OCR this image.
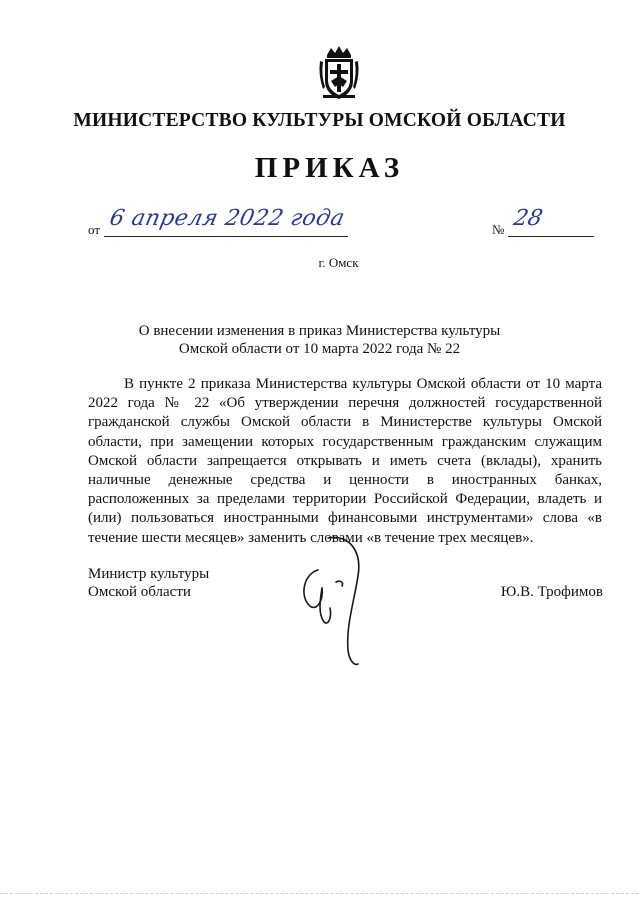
МИНИСТЕРСТВО КУЛЬТУРЫ ОМСКОЙ ОБЛАСТИ
ПРИКАЗ
от 6 апреля 2022 года	№ 28
г. Омск
О внесении изменения в приказ Министерства культуры
Омской области от 10 марта 2022 года № 22

В пункте 2 приказа Министерства культуры Омской области от 10 марта 2022 года № 22 «Об утверждении перечня должностей государственной гражданской службы Омской области в Министерстве культуры Омской области, при замещении которых государственным гражданским служащим Омской области запрещается открывать и иметь счета (вклады), хранить наличные денежные средства и ценности в иностранных банках, расположенных за пределами территории Российской Федерации, владеть и (или) пользоваться иностранными финансовыми инструментами» слова «в течение шести месяцев» заменить словами «в течение трех месяцев».

Министр культуры
Омской области	Ю.В. Трофимов
